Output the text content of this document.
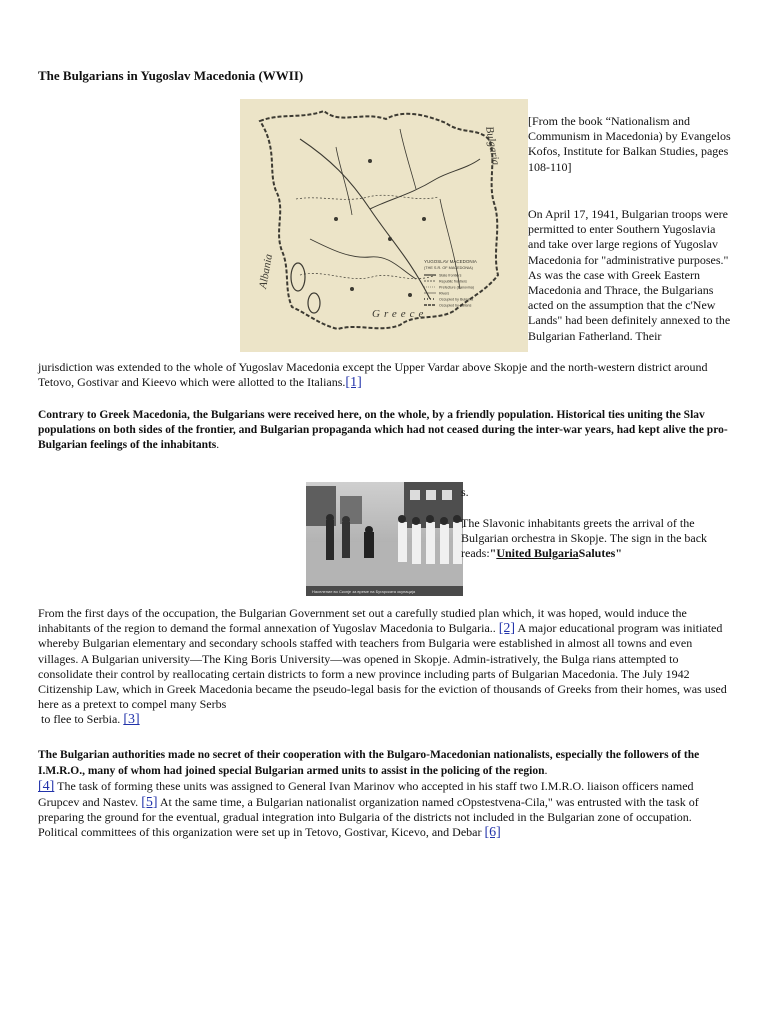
The Bulgarians in Yugoslav Macedonia (WWII)
Albania
Bulgaria
Greece
YUGOSLAV MACEDONIA
(THE S.R. OF MACEDONIA)
State frontiers
Republic frontiers
Prefecture (Banovina)
Rivers
Occupied by Bulgaria
Occupied by Italians
[From the book “Nationalism and Communism in Macedonia) by Evangelos Kofos, Institute for Balkan Studies, pages 108-110]
On April 17, 1941, Bulgarian troops were permitted to enter Southern Yugoslavia and take over large regions of Yugoslav Macedonia for "administrative purposes." As was the case with Greek Eastern Macedonia and Thrace, the Bulgarians acted on the assumption that the c'New Lands" had been definitely annexed to the Bulgarian Fatherland. Their
jurisdiction was extended to the whole of Yugoslav Macedonia except the Upper Vardar above Skopje and the north-western district around Tetovo, Gostivar and Kieevo which were allotted to the Italians.[1]
Contrary to Greek Macedonia, the Bulgarians were received here, on the whole, by a friendly population. Historical ties uniting the Slav populations on both sides of the frontier, and Bulgarian propaganda which had not ceased during the inter-war years, had kept alive the pro-Bulgarian feelings of the inhabitants.
Население во Скопје за време на Бугарската окупација
s.
The Slavonic inhabitants greets the arrival of the Bulgarian orchestra in Skopje. The sign in the back reads:"United BulgariaSalutes"
From the first days of the occupation, the Bulgarian Government set out a carefully studied plan which, it was hoped, would induce the inhabitants of the region to demand the formal annexation of Yugoslav Macedonia to Bulgaria.. [2] A major educational program was initiated whereby Bulgarian elementary and secondary schools staffed with teachers from Bulgaria were established in almost all towns and even villages. A Bulgarian university—The King Boris University—was opened in Skopje. Admin-istratively, the Bulga rians attempted to consolidate their control by reallocating certain districts to form a new province including parts of Bulgarian Macedonia. The July 1942 Citizenship Law, which in Greek Macedonia became the pseudo-legal basis for the eviction of thousands of Greeks from their homes, was used here as a pretext to compel many Serbs
to flee to Serbia. [3]
The Bulgarian authorities made no secret of their cooperation with the Bulgaro-Macedonian nationalists, especially the followers of the I.M.R.O., many of whom had joined special Bulgarian armed units to assist in the policing of the region.
[4] The task of forming these units was assigned to General Ivan Marinov who accepted in his staff two I.M.R.O. liaison officers named Grupcev and Nastev. [5] At the same time, a Bulgarian nationalist organization named cOpstestvena-Cila," was entrusted with the task of preparing the ground for the eventual, gradual integration into Bulgaria of the districts not included in the Bulgarian zone of occupation. Political committees of this organization were set up in Tetovo, Gostivar, Kicevo, and Debar [6]
